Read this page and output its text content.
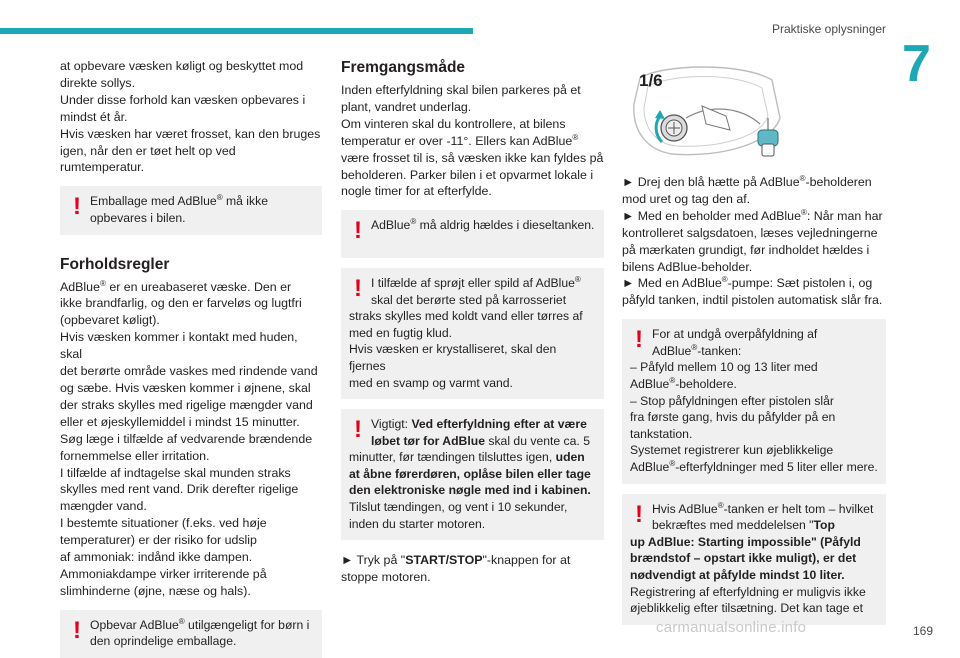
Praktiske oplysninger
7

at opbevare væsken køligt og beskyttet mod
direkte sollys.
Under disse forhold kan væsken opbevares i
mindst ét år.
Hvis væsken har været frosset, kan den bruges
igen, når den er tøet helt op ved rumtemperatur.

! Emballage med AdBlue® må ikke
opbevares i bilen.
Forholdsregler

AdBlue® er en ureabaseret væske. Den er
ikke brandfarlig, og den er farveløs og lugtfri
(opbevaret køligt).
Hvis væsken kommer i kontakt med huden, skal
det berørte område vaskes med rindende vand
og sæbe. Hvis væsken kommer i øjnene, skal
der straks skylles med rigelige mængder vand
eller et øjeskyllemiddel i mindst 15 minutter.
Søg læge i tilfælde af vedvarende brændende
fornemmelse eller irritation.
I tilfælde af indtagelse skal munden straks
skylles med rent vand. Drik derefter rigelige
mængder vand.
I bestemte situationer (f.eks. ved høje
temperaturer) er der risiko for udslip
af ammoniak: indånd ikke dampen.
Ammoniakdampe virker irriterende på
slimhinderne (øjne, næse og hals).

! Opbevar AdBlue® utilgængeligt for børn i
den oprindelige emballage.
Fremgangsmåde

Inden efterfyldning skal bilen parkeres på et
plant, vandret underlag.
Om vinteren skal du kontrollere, at bilens
temperatur er over -11°. Ellers kan AdBlue®
være frosset til is, så væsken ikke kan fyldes på
beholderen. Parker bilen i et opvarmet lokale i
nogle timer for at efterfylde.

! AdBlue® må aldrig hældes i dieseltanken.
! I tilfælde af sprøjt eller spild af AdBlue®
skal det berørte sted på karrosseriet
straks skylles med koldt vand eller tørres af
med en fugtig klud.
Hvis væsken er krystalliseret, skal den fjernes
med en svamp og varmt vand.
! Vigtigt: Ved efterfyldning efter at være
løbet tør for AdBlue skal du vente ca. 5
minutter, før tændingen tilsluttes igen, uden
at åbne førerdøren, oplåse bilen eller tage
den elektroniske nøgle med ind i kabinen.
Tilslut tændingen, og vent i 10 sekunder,
inden du starter motoren.

► Tryk på "START/STOP"-knappen for at
stoppe motoren.

1/6

► Drej den blå hætte på AdBlue®-beholderen
mod uret og tag den af.
► Med en beholder med AdBlue®: Når man har
kontrolleret salgsdatoen, læses vejledningerne
på mærkaten grundigt, før indholdet hældes i
bilens AdBlue-beholder.
► Med en AdBlue®-pumpe: Sæt pistolen i, og
påfyld tanken, indtil pistolen automatisk slår fra.

! For at undgå overpåfyldning af
AdBlue®-tanken:
– Påfyld mellem 10 og 13 liter med
AdBlue®-beholdere.
– Stop påfyldningen efter pistolen slår
fra første gang, hvis du påfylder på en
tankstation.
Systemet registrerer kun øjeblikkelige
AdBlue®-efterfyldninger med 5 liter eller mere.
! Hvis AdBlue®-tanken er helt tom – hvilket
bekræftes med meddelelsen "Top
up AdBlue: Starting impossible" (Påfyld
brændstof – opstart ikke muligt), er det
nødvendigt at påfylde mindst 10 liter.
Registrering af efterfyldning er muligvis ikke
øjeblikkelig efter tilsætning. Det kan tage et
carmanualsonline.info	169
